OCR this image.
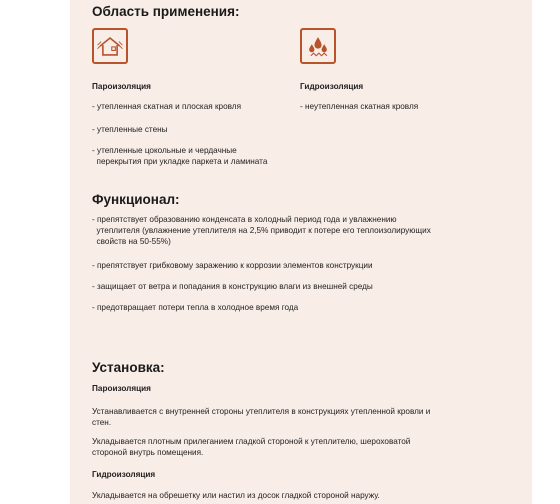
Область применения:
Пароизоляция
- утепленная скатная и плоская кровля
- утепленные стены
- утепленные цокольные и чердачные
перекрытия при укладке паркета и ламината
Гидроизоляция
- неутепленная скатная кровля
Функционал:
- препятствует образованию конденсата в холодный период года и увлажнению
утеплителя (увлажнение утеплителя на 2,5% приводит к потере его теплоизолирующих
свойств на 50-55%)
- препятствует грибковому заражению к коррозии элементов конструкции
- защищает от ветра и попадания в конструкцию влаги из внешней среды
- предотвращает потери тепла в холодное время года
Установка:
Пароизоляция
Устанавливается с внутренней стороны утеплителя в конструкциях утепленной кровли и
стен.
Укладывается плотным прилеганием гладкой стороной к утеплителю, шероховатой
стороной внутрь помещения.
Гидроизоляция
Укладывается на обрешетку или настил из досок гладкой стороной наружу.
